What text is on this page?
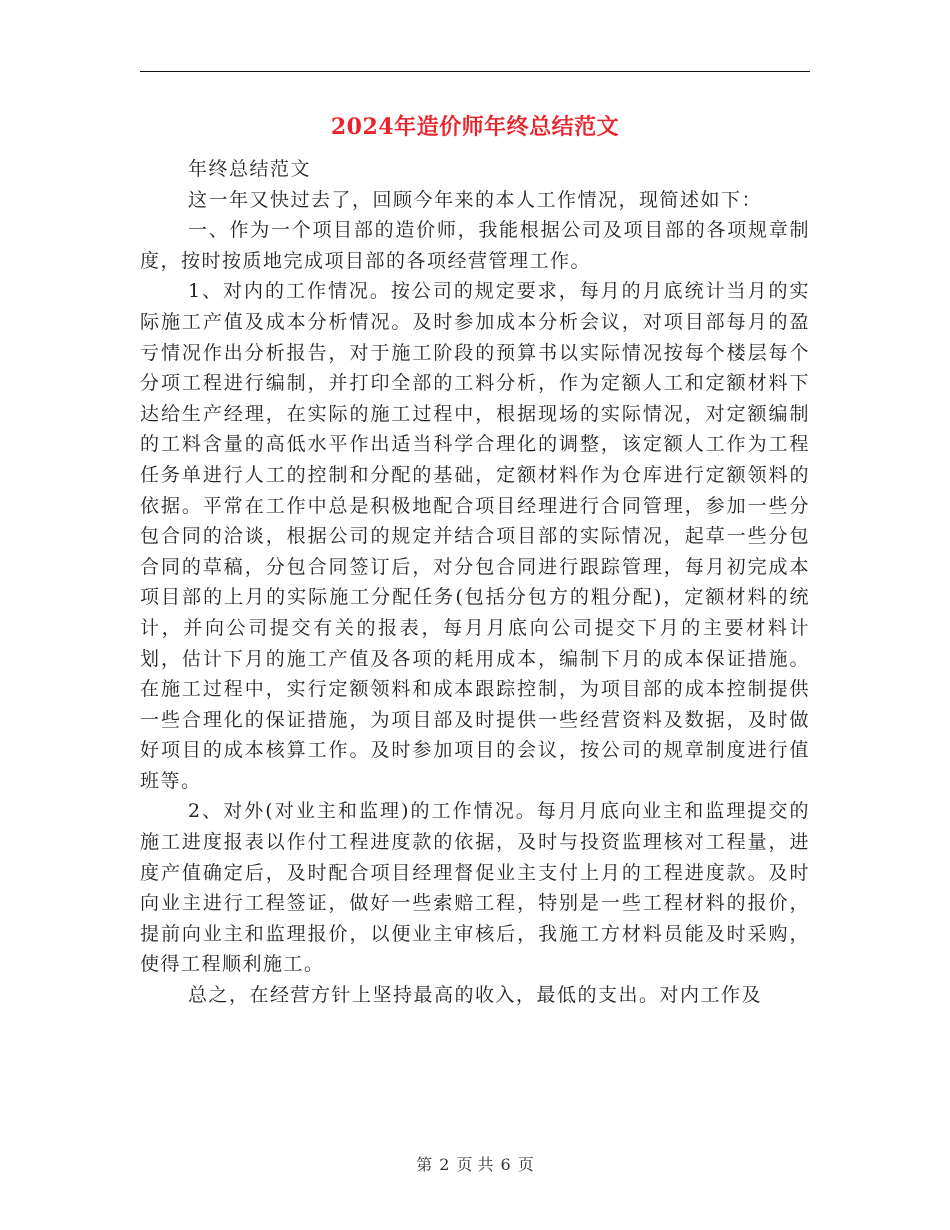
2024年造价师年终总结范文

年终总结范文

这一年又快过去了，回顾今年来的本人工作情况，现简述如下：

一、作为一个项目部的造价师，我能根据公司及项目部的各项规章制度，按时按质地完成项目部的各项经营管理工作。

1、对内的工作情况。按公司的规定要求，每月的月底统计当月的实际施工产值及成本分析情况。及时参加成本分析会议，对项目部每月的盈亏情况作出分析报告，对于施工阶段的预算书以实际情况按每个楼层每个分项工程进行编制，并打印全部的工料分析，作为定额人工和定额材料下达给生产经理，在实际的施工过程中，根据现场的实际情况，对定额编制的工料含量的高低水平作出适当科学合理化的调整，该定额人工作为工程任务单进行人工的控制和分配的基础，定额材料作为仓库进行定额领料的依据。平常在工作中总是积极地配合项目经理进行合同管理，参加一些分包合同的洽谈，根据公司的规定并结合项目部的实际情况，起草一些分包合同的草稿，分包合同签订后，对分包合同进行跟踪管理，每月初完成本项目部的上月的实际施工分配任务(包括分包方的粗分配)，定额材料的统计，并向公司提交有关的报表，每月月底向公司提交下月的主要材料计划，估计下月的施工产值及各项的耗用成本，编制下月的成本保证措施。在施工过程中，实行定额领料和成本跟踪控制，为项目部的成本控制提供一些合理化的保证措施，为项目部及时提供一些经营资料及数据，及时做好项目的成本核算工作。及时参加项目的会议，按公司的规章制度进行值班等。

2、对外(对业主和监理)的工作情况。每月月底向业主和监理提交的施工进度报表以作付工程进度款的依据，及时与投资监理核对工程量，进度产值确定后，及时配合项目经理督促业主支付上月的工程进度款。及时向业主进行工程签证，做好一些索赔工程，特别是一些工程材料的报价，提前向业主和监理报价，以便业主审核后，我施工方材料员能及时采购，使得工程顺利施工。

总之，在经营方针上坚持最高的收入，最低的支出。对内工作及

第 2 页 共 6 页
